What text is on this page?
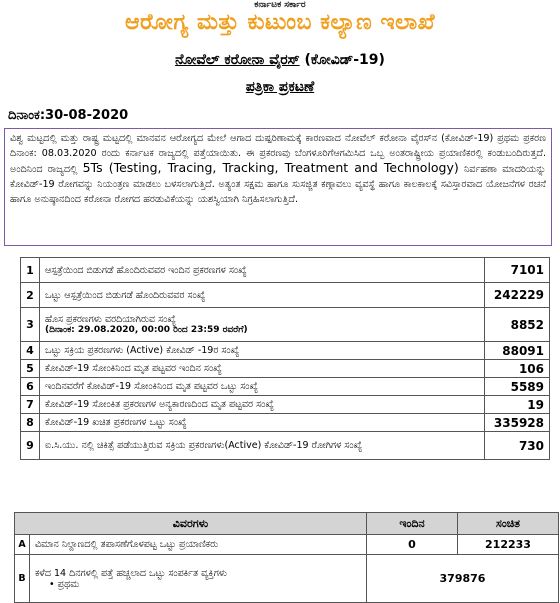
ಕರ್ನಾಟಕ ಸರ್ಕಾರ
ಆರೋಗ್ಯ ಮತ್ತು ಕುಟುಂಬ ಕಲ್ಯಾಣ ಇಲಾಖೆ
ನೋವೆಲ್ ಕರೋನಾ ವೈರಸ್ (ಕೋವಿಡ್-19)
ಪತ್ರಿಕಾ ಪ್ರಕಟಣೆ
ದಿನಾಂಕ:30-08-2020
ವಿಶ್ವ ಮಟ್ಟದಲ್ಲಿ ಮತ್ತು ರಾಷ್ಟ್ರ ಮಟ್ಟದಲ್ಲಿ ಮಾನವನ ಆರೋಗ್ಯದ ಮೇಲೆ ಆಗಾದ ದುಷ್ಪರಿಣಾಮಕ್ಕೆ ಕಾರಣವಾದ ನೋವೆಲ್ ಕರೋನಾ ವೈರಸ್‌ನ (ಕೋವಿಡ್-19) ಪ್ರಥಮ ಪ್ರಕರಣ ದಿನಾಂಕ: 08.03.2020 ರಂದು ಕರ್ನಾಟಕ ರಾಜ್ಯದಲ್ಲಿ ಪತ್ತೆಯಾಯಿತು. ಈ ಪ್ರಕರಣವು ಬೆಂಗಳೂರಿಗೆಆಗಮಿಸಿದ ಒಬ್ಬ ಅಂತರಾಷ್ಟ್ರೀಯ ಪ್ರಯಾಣಿಕರಲ್ಲಿ ಕಂಡುಬಂದಿರುತ್ತದೆ. ಅಂದಿನಿಂದ ರಾಜ್ಯದಲ್ಲಿ 5Ts (Testing, Tracing, Tracking, Treatment and Technology) ನಿರ್ವಹಣಾ ಮಾದರಿಯನ್ನು ಕೋವಿಡ್-19 ರೋಗವನ್ನು ನಿಯಂತ್ರಣ ಮಾಡಲು ಬಳಸಲಾಗುತ್ತಿದೆ. ಅತ್ಯಂತ ಸಕ್ಷಮ ಹಾಗೂ ಸುಸಜ್ಜಿತ ಕಣ್ಗಾವಲು ವ್ಯವಸ್ಥೆ ಹಾಗೂ ಕಾಲಕಾಲಕ್ಕೆ ಸವಿಸ್ತಾರವಾದ ಯೋಜನೆಗಳ ರಚನೆ ಹಾಗೂ ಅನುಷ್ಠಾನದಿಂದ ಕರೋನಾ ರೋಗದ ಹರಡುವಿಕೆಯನ್ನು ಯಶಸ್ವಿಯಾಗಿ ನಿಗ್ರಹಿಸಲಾಗುತ್ತಿದೆ.
1	ಆಸ್ಪತ್ರೆಯಿಂದ ಬಿಡುಗಡೆ ಹೊಂದಿರುವವರ ಇಂದಿನ ಪ್ರಕರಣಗಳ ಸಂಖ್ಯೆ	7101
2	ಒಟ್ಟು ಆಸ್ಪತ್ರೆಯಿಂದ ಬಿಡುಗಡೆ ಹೊಂದಿರುವವರ ಸಂಖ್ಯೆ	242229
3	ಹೊಸ ಪ್ರಕರಣಗಳು ವರದಿಯಾಗಿರುವ ಸಂಖ್ಯೆ
(ದಿನಾಂಕ: 29.08.2020, 00:00 ರಿಂದ 23:59 ರವರೆಗೆ)	8852
4	ಒಟ್ಟು ಸಕ್ರಿಯ ಪ್ರಕರಣಗಳು (Active) ಕೋವಿಡ್ -19ರ ಸಂಖ್ಯೆ	88091
5	ಕೋವಿಡ್-19 ಸೋಂಕಿನಿಂದ ಮೃತ ಪಟ್ಟವರ ಇಂದಿನ ಸಂಖ್ಯೆ	106
6	ಇಂದಿನವರೆಗೆ ಕೋವಿಡ್-19 ಸೋಂಕಿನಿಂದ ಮೃತ ಪಟ್ಟವರ ಒಟ್ಟು ಸಂಖ್ಯೆ	5589
7	ಕೋವಿಡ್-19 ಸೋಂಕಿತ ಪ್ರಕರಣಗಳ ಅನ್ಯಕಾರಣದಿಂದ ಮೃತ ಪಟ್ಟವರ ಸಂಖ್ಯೆ	19
8	ಕೋವಿಡ್-19 ಖಚಿತ ಪ್ರಕರಣಗಳ ಒಟ್ಟು ಸಂಖ್ಯೆ	335928
9	ಐ.ಸಿ.ಯು. ನಲ್ಲಿ ಚಿಕಿತ್ಸೆ ಪಡೆಯುತ್ತಿರುವ ಸಕ್ರಿಯ ಪ್ರಕರಣಗಳು(Active) ಕೋವಿಡ್-19 ರೋಗಿಗಳ ಸಂಖ್ಯೆ	730
ವಿವರಗಳು		ಇಂದಿನ	ಸಂಚಿತ
A	ವಿಮಾನ ನಿಲ್ದಾಣದಲ್ಲಿ ತಪಾಸಣೆಗೊಳಪಟ್ಟ ಒಟ್ಟು ಪ್ರಯಾಣಿಕರು	0	212233
B	ಕಳೆದ 14 ದಿನಗಳಲ್ಲಿ ಪತ್ತೆ ಹಚ್ಚಲಾದ ಒಟ್ಟು ಸಂಪರ್ಕಿತ ವ್ಯಕ್ತಿಗಳು
• ಪ್ರಥಮ	379876	
